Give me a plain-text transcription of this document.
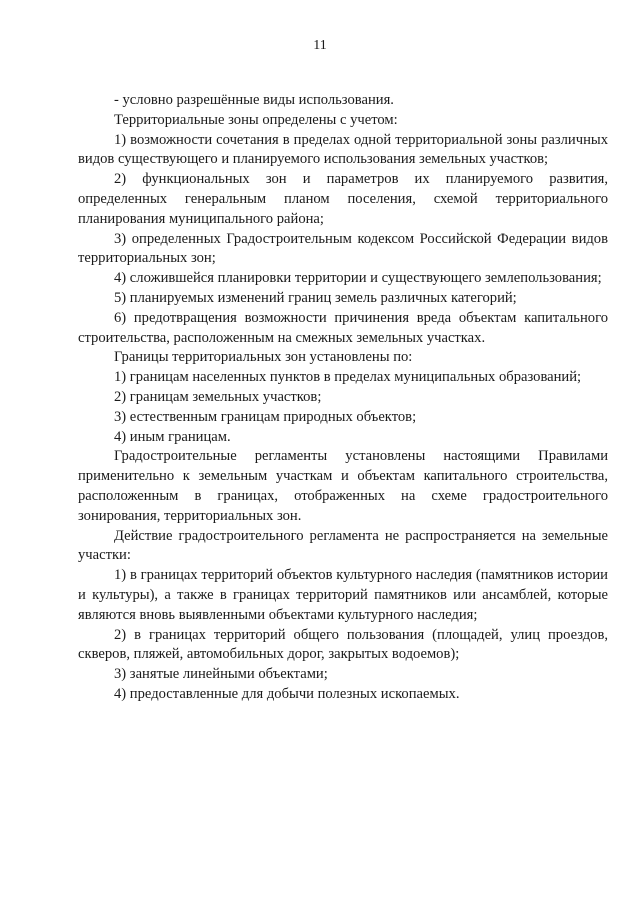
11

- условно разрешённые виды использования.

Территориальные зоны определены с учетом:

1) возможности сочетания в пределах одной территориальной зоны различных видов существующего и планируемого использования земельных участков;

2) функциональных зон и параметров их планируемого развития, определенных генеральным планом поселения, схемой территориального планирования муниципального района;

3) определенных Градостроительным кодексом Российской Федерации видов территориальных зон;

4) сложившейся планировки территории и существующего землепользования;

5) планируемых изменений границ земель различных категорий;

6) предотвращения возможности причинения вреда объектам капитального строительства, расположенным на смежных земельных участках.

Границы территориальных зон установлены по:

1) границам населенных пунктов в пределах муниципальных образований;

2) границам земельных участков;

3) естественным границам природных объектов;

4) иным границам.

Градостроительные регламенты установлены настоящими Правилами применительно к земельным участкам и объектам капитального строительства, расположенным в границах, отображенных на схеме градостроительного зонирования, территориальных зон.

Действие градостроительного регламента не распространяется на земельные участки:

1) в границах территорий объектов культурного наследия (памятников истории и культуры), а также в границах территорий памятников или ансамблей, которые являются вновь выявленными объектами культурного наследия;

2) в границах территорий общего пользования (площадей, улиц проездов, скверов, пляжей, автомобильных дорог, закрытых водоемов);

3) занятые линейными объектами;

4) предоставленные для добычи полезных ископаемых.
